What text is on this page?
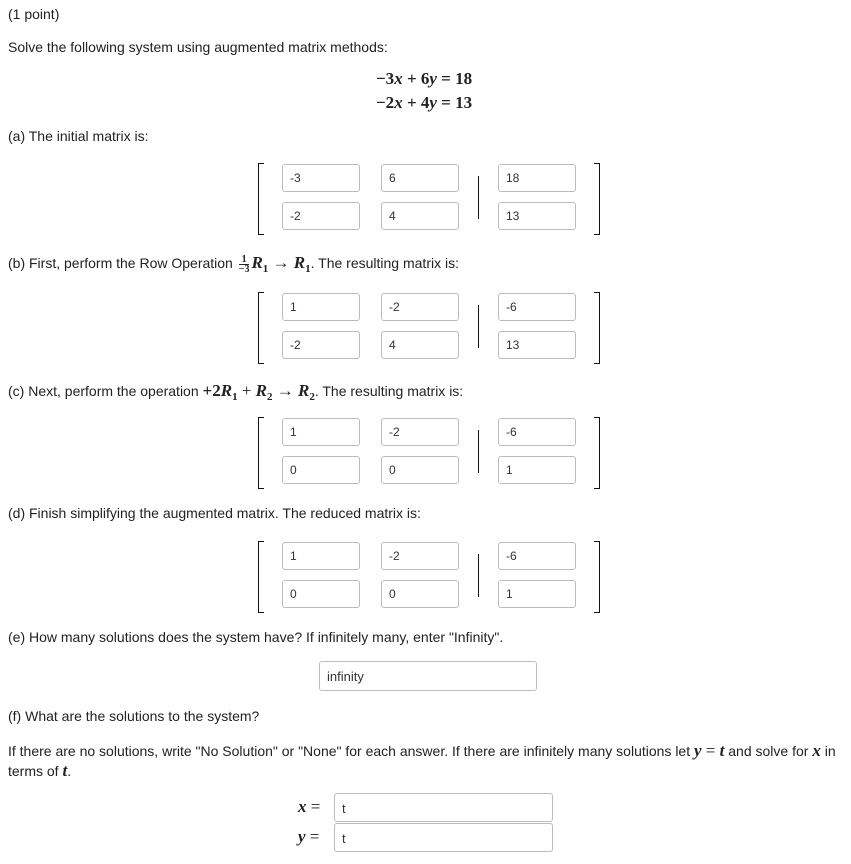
(1 point)
Solve the following system using augmented matrix methods:
−3x + 6y = 18
−2x + 4y = 13
(a) The initial matrix is:
-3	6	18
-2	4	13
(b) First, perform the Row Operation $\frac{1}{-3} R_1 \to R_1$. The resulting matrix is:
1	-2	-6
-2	4	13
(c) Next, perform the operation $+2R_1 + R_2 \to R_2$. The resulting matrix is:
1	-2	-6
0	0	1
(d) Finish simplifying the augmented matrix. The reduced matrix is:
1	-2	-6
0	0	1
(e) How many solutions does the system have? If infinitely many, enter "Infinity".
infinity
(f) What are the solutions to the system?
If there are no solutions, write "No Solution" or "None" for each answer. If there are infinitely many solutions let y = t and solve for x in
terms of t.
x =	t
y =	t
